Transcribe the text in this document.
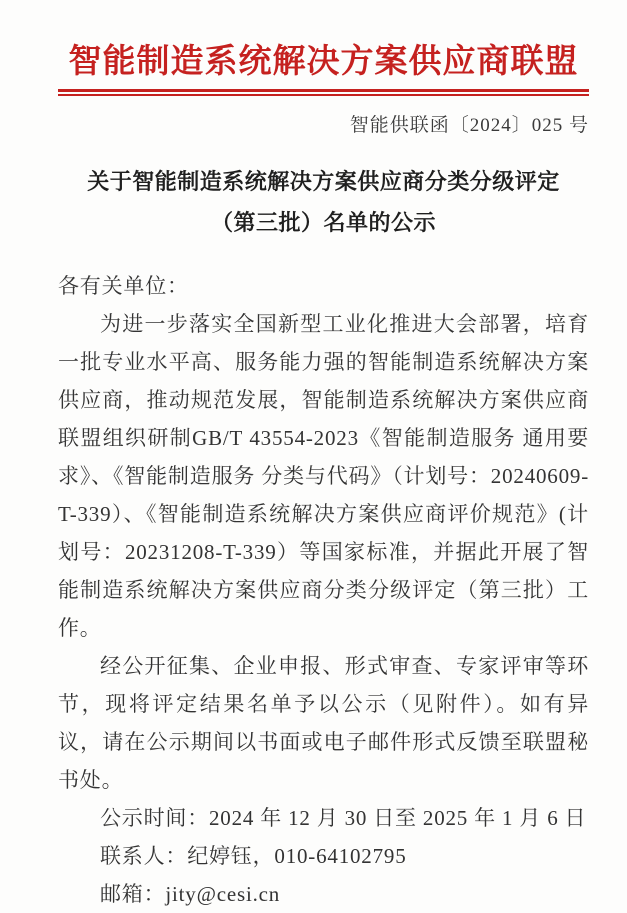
智能制造系统解决方案供应商联盟
智能供联函〔2024〕025 号
关于智能制造系统解决方案供应商分类分级评定
（第三批）名单的公示

各有关单位：

为进一步落实全国新型工业化推进大会部署，培育一批专业水平高、服务能力强的智能制造系统解决方案供应商，推动规范发展，智能制造系统解决方案供应商联盟组织研制GB/T 43554-2023《智能制造服务 通用要求》、《智能制造服务 分类与代码》（计划号：20240609-T-339）、《智能制造系统解决方案供应商评价规范》(计划号：20231208-T-339）等国家标准，并据此开展了智能制造系统解决方案供应商分类分级评定（第三批）工作。

经公开征集、企业申报、形式审查、专家评审等环节，现将评定结果名单予以公示（见附件）。如有异议，请在公示期间以书面或电子邮件形式反馈至联盟秘书处。

公示时间：2024 年 12 月 30 日至 2025 年 1 月 6 日

联系人：纪婷钰，010-64102795

邮箱：jity@cesi.cn
